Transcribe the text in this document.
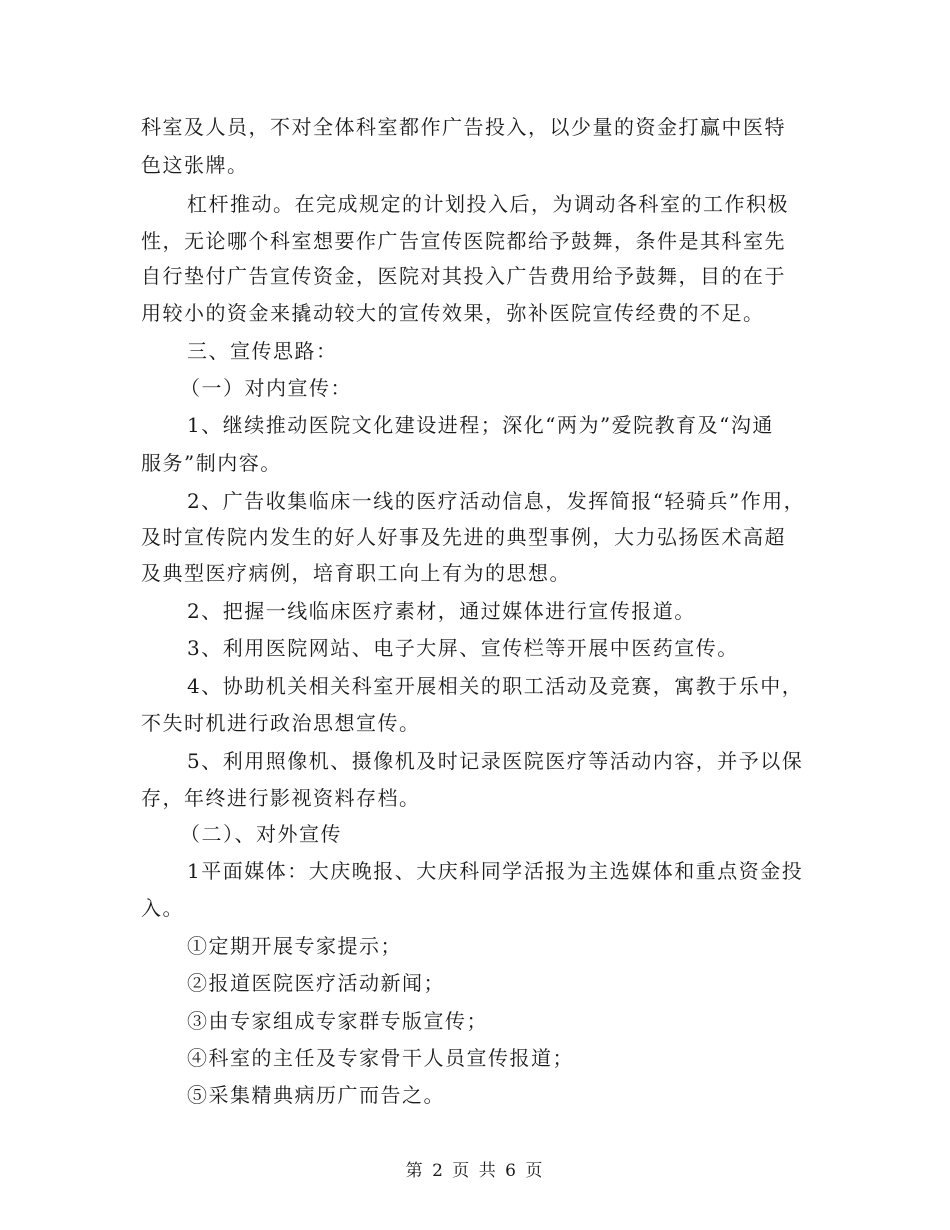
科室及人员，不对全体科室都作广告投入，以少量的资金打赢中医特
色这张牌。
杠杆推动。在完成规定的计划投入后，为调动各科室的工作积极
性，无论哪个科室想要作广告宣传医院都给予鼓舞，条件是其科室先
自行垫付广告宣传资金，医院对其投入广告费用给予鼓舞，目的在于
用较小的资金来撬动较大的宣传效果，弥补医院宣传经费的不足。
三、宣传思路：
（一）对内宣传：
1、继续推动医院文化建设进程；深化“两为”爱院教育及“沟通
服务”制内容。
2、广告收集临床一线的医疗活动信息，发挥简报“轻骑兵”作用，
及时宣传院内发生的好人好事及先进的典型事例，大力弘扬医术高超
及典型医疗病例，培育职工向上有为的思想。
2、把握一线临床医疗素材，通过媒体进行宣传报道。
3、利用医院网站、电子大屏、宣传栏等开展中医药宣传。
4、协助机关相关科室开展相关的职工活动及竞赛，寓教于乐中，
不失时机进行政治思想宣传。
5、利用照像机、摄像机及时记录医院医疗等活动内容，并予以保
存，年终进行影视资料存档。
（二）、对外宣传
1平面媒体：大庆晚报、大庆科同学活报为主选媒体和重点资金投
入。
①定期开展专家提示；
②报道医院医疗活动新闻；
③由专家组成专家群专版宣传；
④科室的主任及专家骨干人员宣传报道；
⑤采集精典病历广而告之。
第 2 页 共 6 页
